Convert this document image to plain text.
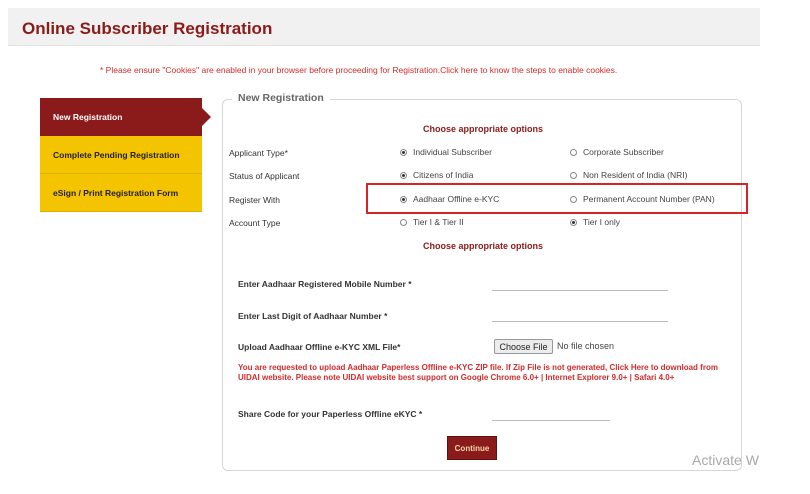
Online Subscriber Registration
* Please ensure "Cookies" are enabled in your browser before proceeding for Registration.Click here to know the steps to enable cookies.
New Registration
Complete Pending Registration
eSign / Print Registration Form
New Registration
Choose appropriate options
Applicant Type*	Individual Subscriber	Corporate Subscriber
Status of Applicant	Citizens of India	Non Resident of India (NRI)
Register With	Aadhaar Offline e-KYC	Permanent Account Number (PAN)
Account Type	Tier I & Tier II	Tier I only
Choose appropriate options
Enter Aadhaar Registered Mobile Number *
Enter Last Digit of Aadhaar Number *
Upload Aadhaar Offline e-KYC XML File*	Choose File	No file chosen
You are requested to upload Aadhaar Paperless Offline e-KYC ZIP file. If Zip File is not generated, Click Here to download from UIDAI website. Please note UIDAI website best support on Google Chrome 6.0+ | Internet Explorer 9.0+ | Safari 4.0+
Share Code for your Paperless Offline eKYC *
Continue
Activate W
